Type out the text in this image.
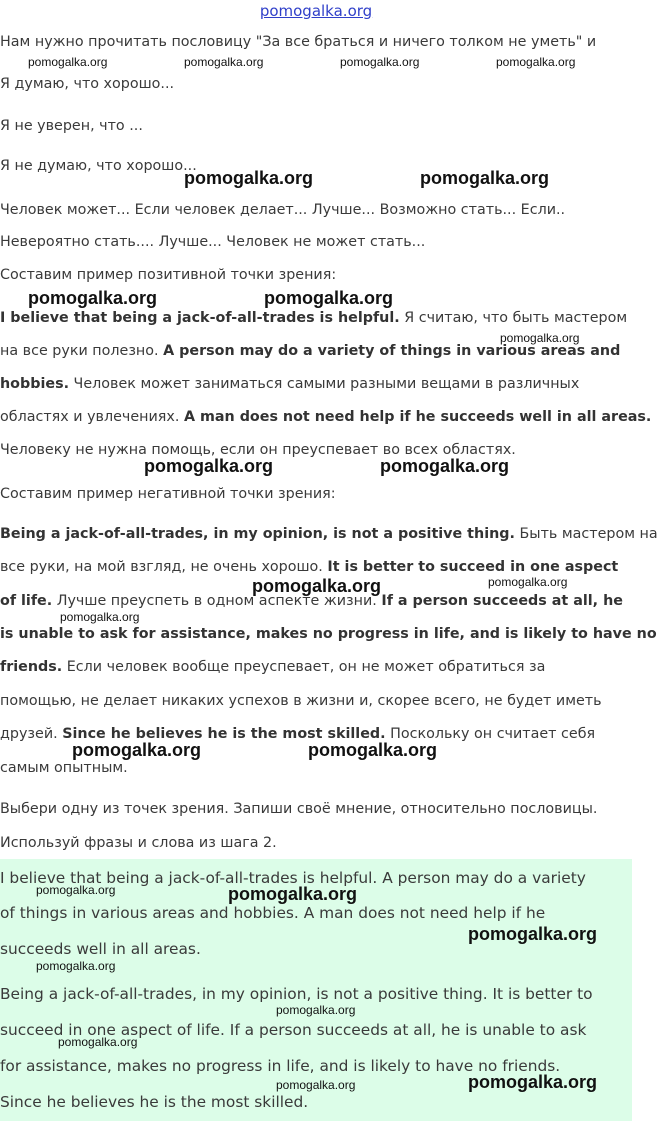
pomogalka.org

Нам нужно прочитать пословицу "За все браться и ничего толком не уметь" и

Я думаю, что хорошо...

Я не уверен, что ...

Я не думаю, что хорошо...

Человек может... Если человек делает... Лучше... Возможно стать... Если..

Невероятно стать.... Лучше... Человек не может стать...

Составим пример позитивной точки зрения:

I believe that being a jack-of-all-trades is helpful. Я считаю, что быть мастером

на все руки полезно. A person may do a variety of things in various areas and

hobbies. Человек может заниматься самыми разными вещами в различных

областях и увлечениях. A man does not need help if he succeeds well in all areas.

Человеку не нужна помощь, если он преуспевает во всех областях.

Составим пример негативной точки зрения:

Being a jack-of-all-trades, in my opinion, is not a positive thing. Быть мастером на

все руки, на мой взгляд, не очень хорошо. It is better to succeed in one aspect

of life. Лучше преуспеть в одном аспекте жизни. If a person succeeds at all, he

is unable to ask for assistance, makes no progress in life, and is likely to have no

friends. Если человек вообще преуспевает, он не может обратиться за

помощью, не делает никаких успехов в жизни и, скорее всего, не будет иметь

друзей. Since he believes he is the most skilled. Поскольку он считает себя

самым опытным.

Выбери одну из точек зрения. Запиши своё мнение, относительно пословицы.

Используй фразы и слова из шага 2.

I believe that being a jack-of-all-trades is helpful. A person may do a variety

of things in various areas and hobbies. A man does not need help if he

succeeds well in all areas.

Being a jack-of-all-trades, in my opinion, is not a positive thing. It is better to

succeed in one aspect of life. If a person succeeds at all, he is unable to ask

for assistance, makes no progress in life, and is likely to have no friends.

Since he believes he is the most skilled.

pomogalka.org	pomogalka.org	pomogalka.org	pomogalka.org
pomogalka.org	pomogalka.org
pomogalka.org	pomogalka.org
pomogalka.org
pomogalka.org	pomogalka.org
pomogalka.org	pomogalka.org
pomogalka.org
pomogalka.org	pomogalka.org
pomogalka.org	pomogalka.org
pomogalka.org
pomogalka.org
pomogalka.org
pomogalka.org
pomogalka.org
pomogalka.org
